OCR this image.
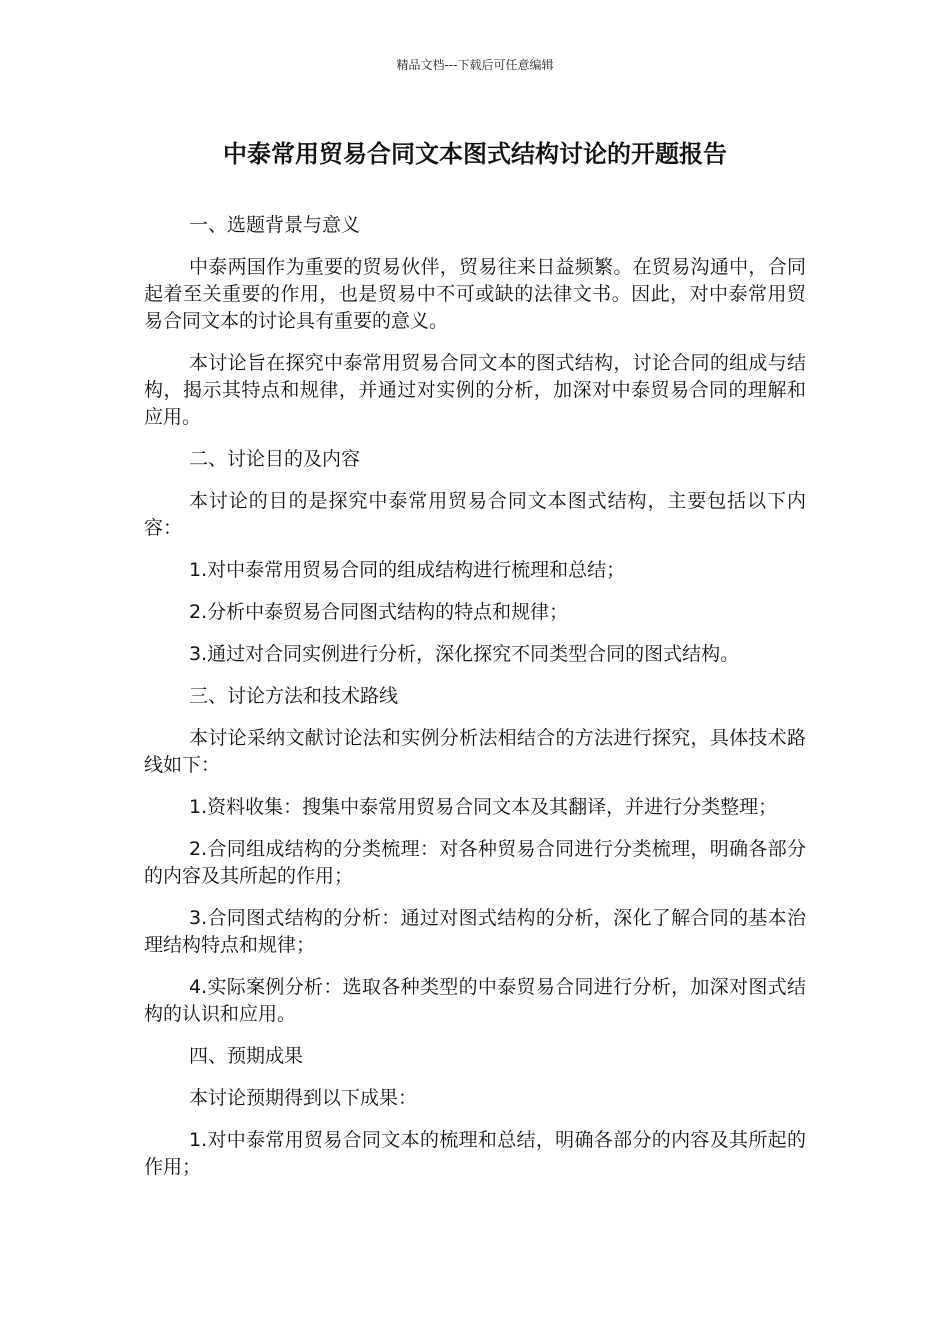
精品文档---下载后可任意编辑
中泰常用贸易合同文本图式结构讨论的开题报告

一、选题背景与意义

中泰两国作为重要的贸易伙伴，贸易往来日益频繁。在贸易沟通中，合同起着至关重要的作用，也是贸易中不可或缺的法律文书。因此，对中泰常用贸易合同文本的讨论具有重要的意义。

本讨论旨在探究中泰常用贸易合同文本的图式结构，讨论合同的组成与结构，揭示其特点和规律，并通过对实例的分析，加深对中泰贸易合同的理解和应用。

二、讨论目的及内容

本讨论的目的是探究中泰常用贸易合同文本图式结构，主要包括以下内容：

1.对中泰常用贸易合同的组成结构进行梳理和总结；

2.分析中泰贸易合同图式结构的特点和规律；

3.通过对合同实例进行分析，深化探究不同类型合同的图式结构。

三、讨论方法和技术路线

本讨论采纳文献讨论法和实例分析法相结合的方法进行探究，具体技术路线如下：

1.资料收集：搜集中泰常用贸易合同文本及其翻译，并进行分类整理；

2.合同组成结构的分类梳理：对各种贸易合同进行分类梳理，明确各部分的内容及其所起的作用；

3.合同图式结构的分析：通过对图式结构的分析，深化了解合同的基本治理结构特点和规律；

4.实际案例分析：选取各种类型的中泰贸易合同进行分析，加深对图式结构的认识和应用。

四、预期成果

本讨论预期得到以下成果：

1.对中泰常用贸易合同文本的梳理和总结，明确各部分的内容及其所起的作用；
